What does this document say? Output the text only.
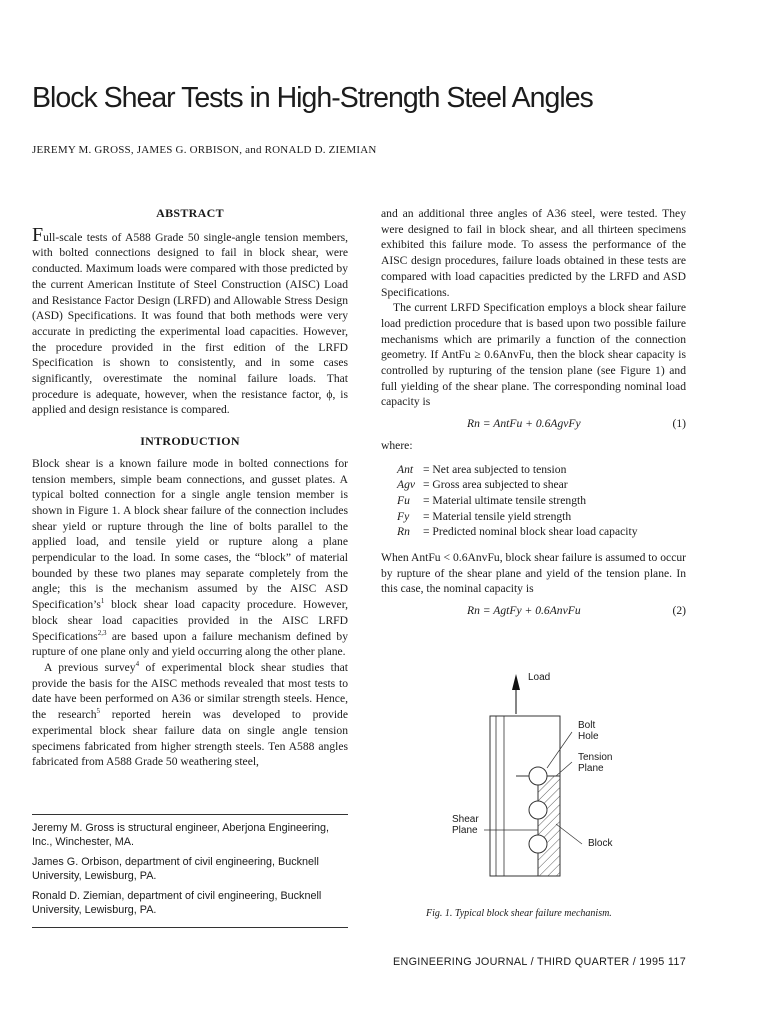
Block Shear Tests in High-Strength Steel Angles
JEREMY M. GROSS, JAMES G. ORBISON, and RONALD D. ZIEMIAN
ABSTRACT

Full-scale tests of A588 Grade 50 single-angle tension members, with bolted connections designed to fail in block shear, were conducted. Maximum loads were compared with those predicted by the current American Institute of Steel Construction (AISC) Load and Resistance Factor Design (LRFD) and Allowable Stress Design (ASD) Specifications. It was found that both methods were very accurate in predicting the experimental load capacities. However, the procedure provided in the first edition of the LRFD Specification is shown to consistently, and in some cases significantly, overestimate the nominal failure loads. That procedure is adequate, however, when the resistance factor, ϕ, is applied and design resistance is compared.

INTRODUCTION

Block shear is a known failure mode in bolted connections for tension members, simple beam connections, and gusset plates. A typical bolted connection for a single angle tension member is shown in Figure 1. A block shear failure of the connection includes shear yield or rupture through the line of bolts parallel to the applied load, and tensile yield or rupture along a plane perpendicular to the load. In some cases, the “block” of material bounded by these two planes may separate completely from the angle; this is the mechanism assumed by the AISC ASD $Specification’s^1$ block shear load capacity procedure. However, block shear load capacities provided in the AISC LRFD Specifications$^{2,3}$ are based upon a failure mechanism defined by rupture of one plane only and yield occurring along the other plane.

A previous survey$^4$ of experimental block shear studies that provide the basis for the AISC methods revealed that most tests to date have been performed on A36 or similar strength steels. Hence, the research$^5$ reported herein was developed to provide experimental block shear failure data on single angle tension specimens fabricated from higher strength steels. Ten A588 angles fabricated from A588 Grade 50 weathering steel,

and an additional three angles of A36 steel, were tested. They were designed to fail in block shear, and all thirteen specimens exhibited this failure mode. To assess the performance of the AISC design procedures, failure loads obtained in these tests are compared with load capacities predicted by the LRFD and ASD Specifications.

The current LRFD Specification employs a block shear failure load prediction procedure that is based upon two possible failure mechanisms which are primarily a function of the connection geometry. If AntFu ≥ 0.6AnvFu, then the block shear capacity is controlled by rupturing of the tension plane (see Figure 1) and full yielding of the shear plane. The corresponding nominal load capacity is

Rn = AntFu + 0.6AgvFy	(1)

where:

Ant = Net area subjected to tension
Agv = Gross area subjected to shear
Fu	= Material ultimate tensile strength
Fy	= Material tensile yield strength
Rn	= Predicted nominal block shear load capacity

When AntFu < 0.6AnvFu, block shear failure is assumed to occur by rupture of the shear plane and yield of the tension plane. In this case, the nominal capacity is

Rn = AgtFy + 0.6AnvFu	(2)
Load
Bolt
Hole
Tension
Plane
Shear
Plane
Block
Fig. 1. Typical block shear failure mechanism.

Jeremy M. Gross is structural engineer, Aberjona Engineering, Inc., Winchester, MA.

James G. Orbison, department of civil engineering, Bucknell University, Lewisburg, PA.

Ronald D. Ziemian, department of civil engineering, Bucknell University, Lewisburg, PA.

ENGINEERING JOURNAL / THIRD QUARTER / 1995 117
